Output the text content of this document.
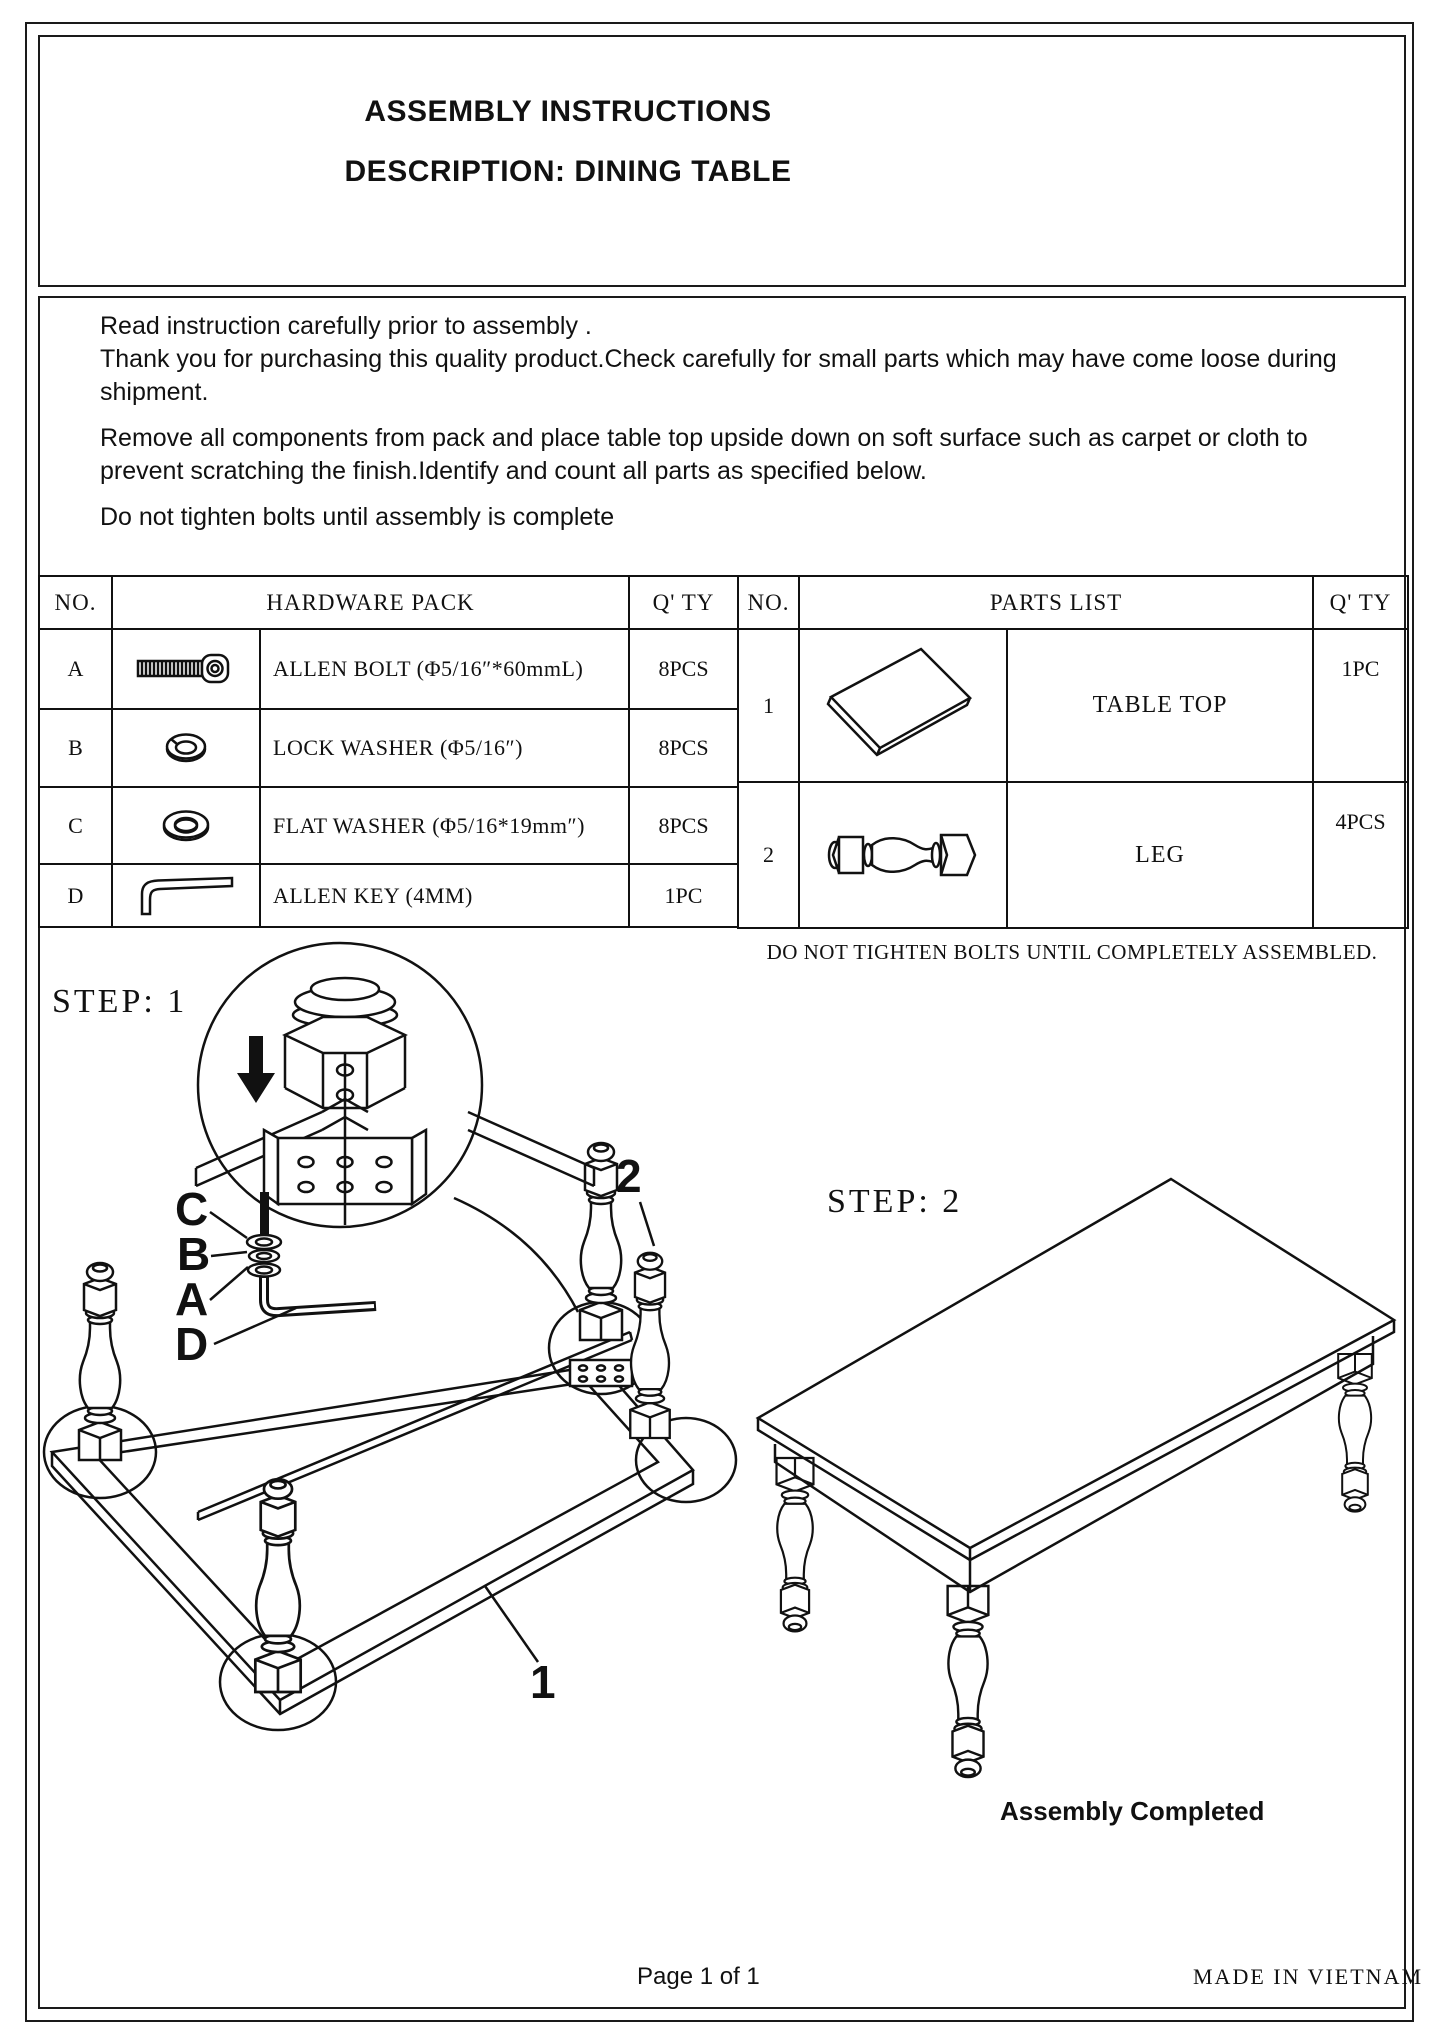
ASSEMBLY INSTRUCTIONS
DESCRIPTION: DINING TABLE

Read instruction carefully prior to assembly .

Thank you for purchasing this quality product.Check carefully for small parts which may have come loose during shipment.

Remove all components from pack and place table top upside down on soft surface such as carpet or cloth to prevent scratching the finish.Identify and count all parts as specified below.

Do not tighten bolts until assembly is complete

NO.	HARDWARE PACK		Q' TY
A		ALLEN BOLT (Φ5/16″*60mmL)	8PCS
B		LOCK WASHER (Φ5/16″)	8PCS
C		FLAT WASHER (Φ5/16*19mm″)	8PCS
D		ALLEN KEY (4MM)	1PC
NO.	PARTS LIST		Q' TY
1		TABLE TOP	1PC
2		LEG	4PCS
DO NOT TIGHTEN BOLTS UNTIL COMPLETELY ASSEMBLED.
STEP: 1
C
B
A
D
2
1
STEP: 2
Assembly Completed
Page 1 of 1	MADE IN VIETNAM
